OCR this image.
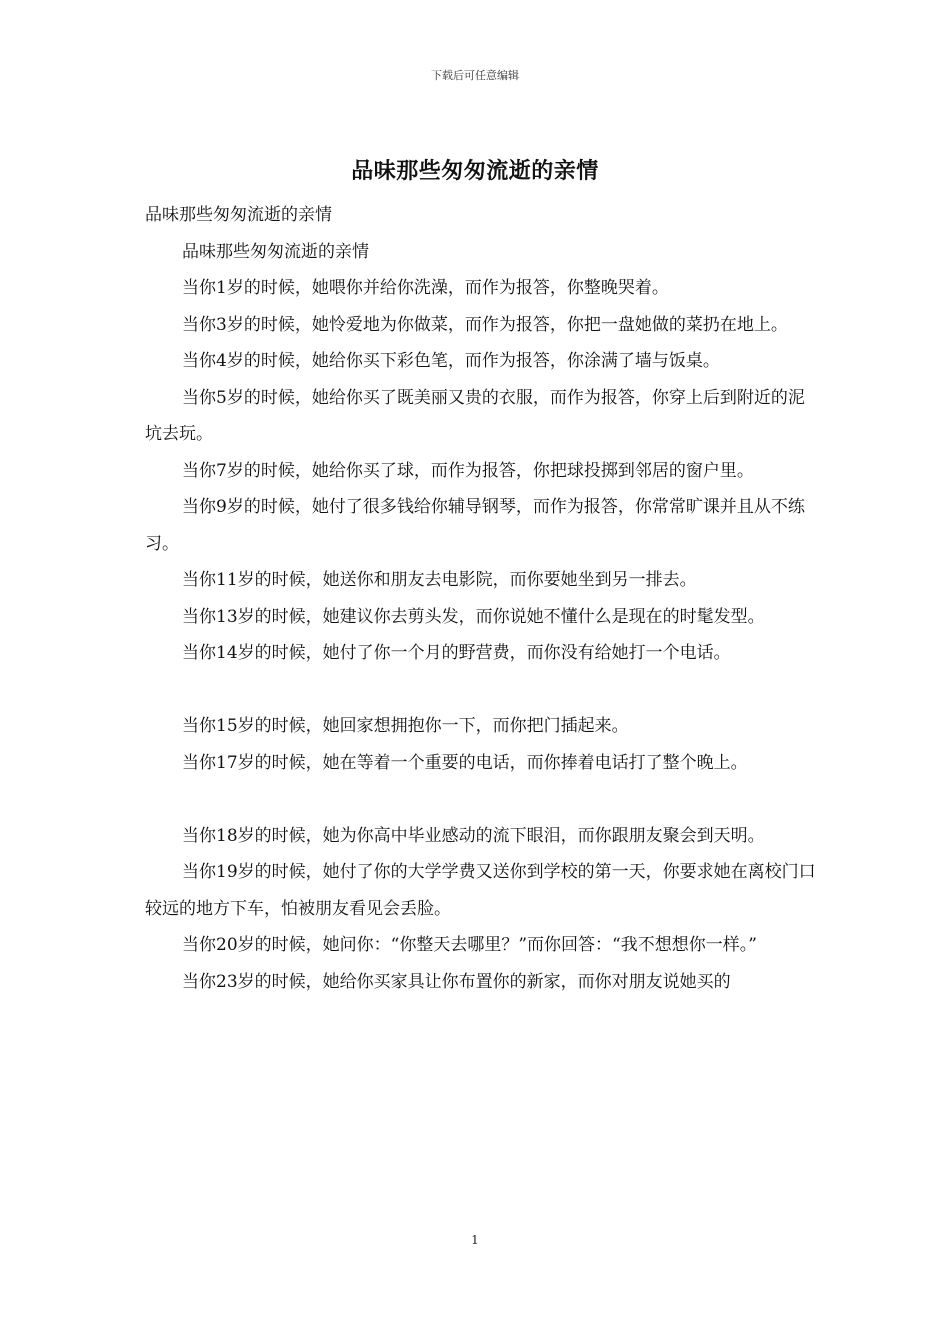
下载后可任意编辑
品味那些匆匆流逝的亲情

品味那些匆匆流逝的亲情

品味那些匆匆流逝的亲情

当你1岁的时候，她喂你并给你洗澡，而作为报答，你整晚哭着。

当你3岁的时候，她怜爱地为你做菜，而作为报答，你把一盘她做的菜扔在地上。

当你4岁的时候，她给你买下彩色笔，而作为报答，你涂满了墙与饭桌。

当你5岁的时候，她给你买了既美丽又贵的衣服，而作为报答，你穿上后到附近的泥坑去玩。

当你7岁的时候，她给你买了球，而作为报答，你把球投掷到邻居的窗户里。

当你9岁的时候，她付了很多钱给你辅导钢琴，而作为报答，你常常旷课并且从不练习。

当你11岁的时候，她送你和朋友去电影院，而你要她坐到另一排去。

当你13岁的时候，她建议你去剪头发，而你说她不懂什么是现在的时髦发型。

当你14岁的时候，她付了你一个月的野营费，而你没有给她打一个电话。

当你15岁的时候，她回家想拥抱你一下，而你把门插起来。

当你17岁的时候，她在等着一个重要的电话，而你捧着电话打了整个晚上。

当你18岁的时候，她为你高中毕业感动的流下眼泪，而你跟朋友聚会到天明。

当你19岁的时候，她付了你的大学学费又送你到学校的第一天，你要求她在离校门口较远的地方下车，怕被朋友看见会丢脸。

当你20岁的时候，她问你：“你整天去哪里？”而你回答：“我不想想你一样。”

当你23岁的时候，她给你买家具让你布置你的新家，而你对朋友说她买的

1
